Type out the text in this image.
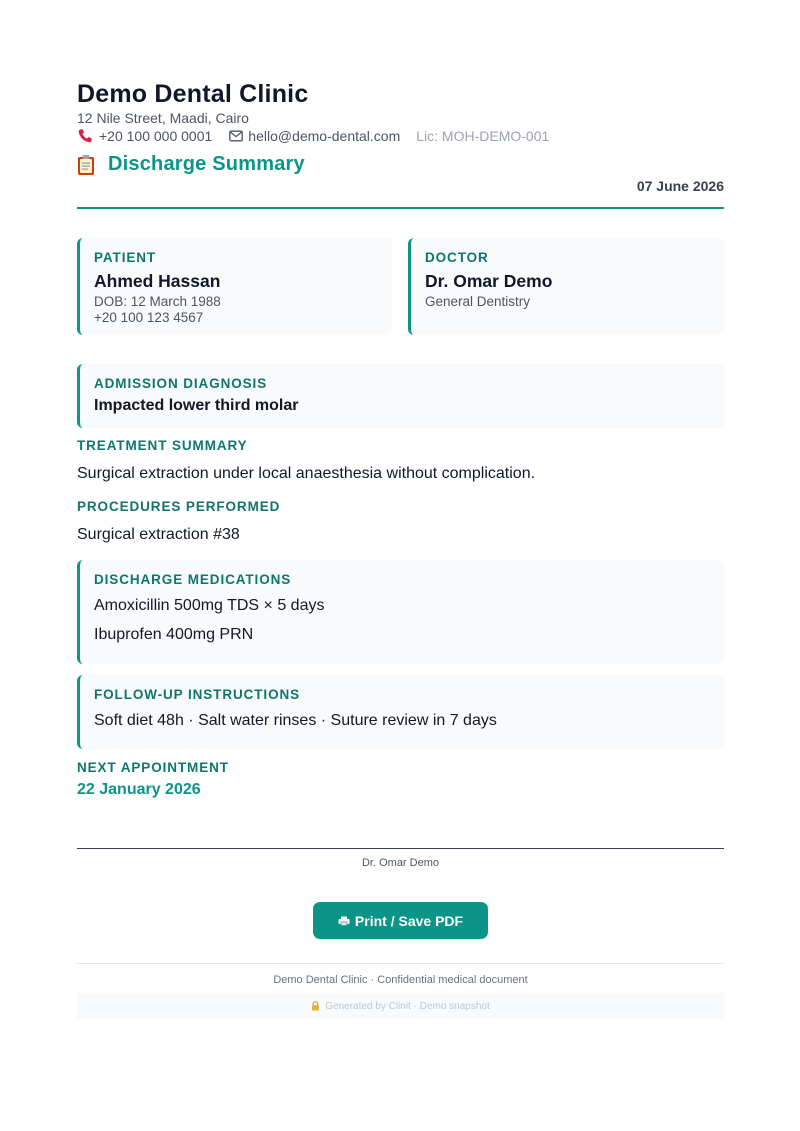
Demo Dental Clinic
12 Nile Street, Maadi, Cairo
+20 100 000 0001	hello@demo-dental.com Lic: MOH-DEMO-001
Discharge Summary
07 June 2026
PATIENT
Ahmed Hassan
DOB: 12 March 1988
+20 100 123 4567
DOCTOR
Dr. Omar Demo
General Dentistry
ADMISSION DIAGNOSIS
Impacted lower third molar
TREATMENT SUMMARY
Surgical extraction under local anaesthesia without complication.
PROCEDURES PERFORMED
Surgical extraction #38
DISCHARGE MEDICATIONS
Amoxicillin 500mg TDS × 5 days
Ibuprofen 400mg PRN
FOLLOW-UP INSTRUCTIONS
Soft diet 48h · Salt water rinses · Suture review in 7 days
NEXT APPOINTMENT
22 January 2026
Dr. Omar Demo
Print / Save PDF
Demo Dental Clinic · Confidential medical document
Generated by Clinit · Demo snapshot
